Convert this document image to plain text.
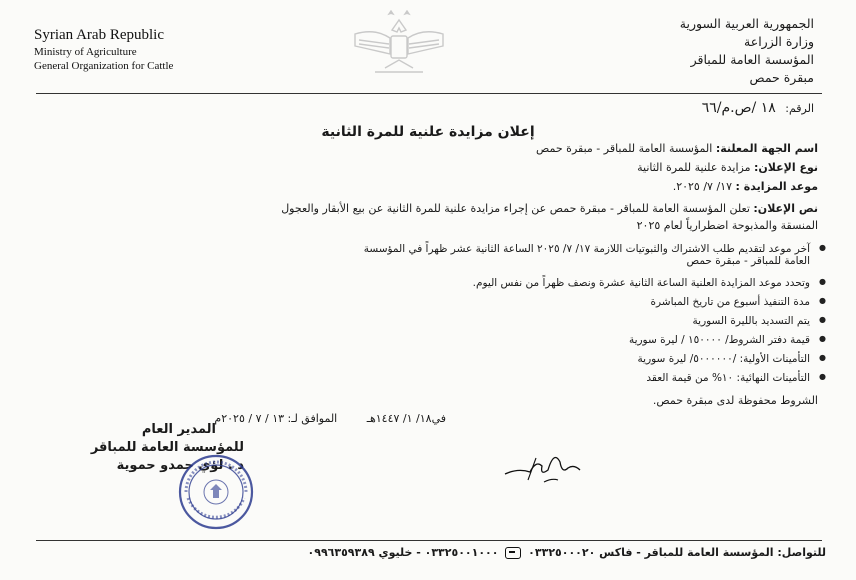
Syrian Arab Republic
Ministry of Agriculture
General Organization for Cattle
الجمهورية العربية السورية
وزارة الزراعة
المؤسسة العامة للمباقر
مبقرة حمص
الرقم: ١٨ /ص.م/٦٦
إعلان مزايدة علنية للمرة الثانية
اسم الجهة المعلنة: المؤسسة العامة للمباقر - مبقرة حمص
نوع الإعلان: مزايدة علنية للمرة الثانية
موعد المزايدة : ١٧/ ٧/ ٢٠٢٥.
نص الإعلان: تعلن المؤسسة العامة للمباقر - مبقرة حمص عن إجراء مزايدة علنية للمرة الثانية عن بيع الأبقار والعجول
المنسقة والمذبوحة اضطرارياً لعام ٢٠٢٥
● آخر موعد لتقديم طلب الاشتراك والثبوتيات اللازمة ١٧/ ٧/ ٢٠٢٥ الساعة الثانية عشر ظهراً في المؤسسة
العامة للمباقر - مبقرة حمص
● وتحدد موعد المزايدة العلنية الساعة الثانية عشرة ونصف ظهراً من نفس اليوم.
● مدة التنفيذ أسبوع من تاريخ المباشرة
● يتم التسديد بالليرة السورية
● قيمة دفتر الشروط/ ١٥٠٠٠٠ / ليرة سورية
● التأمينات الأولية: /٥٠٠٠٠٠٠/ ليرة سورية
● التأمينات النهائية: ١٠% من قيمة العقد
الشروط محفوظة لدى مبقرة حمص.
في١٨/ ١/ ١٤٤٧هـ الموافق لـ: ١٣ / ٧ / ٢٠٢٥م
المدير العام
للمؤسسة العامة للمباقر
د . لؤي حمدو حموية
للتواصل: المؤسسة العامة للمباقر - فاكس ٠٣٣٢٥٠٠٠٢٠  ٠٣٣٢٥٠٠١٠٠٠ - خليوي ٠٩٩٦٣٥٩٣٨٩
